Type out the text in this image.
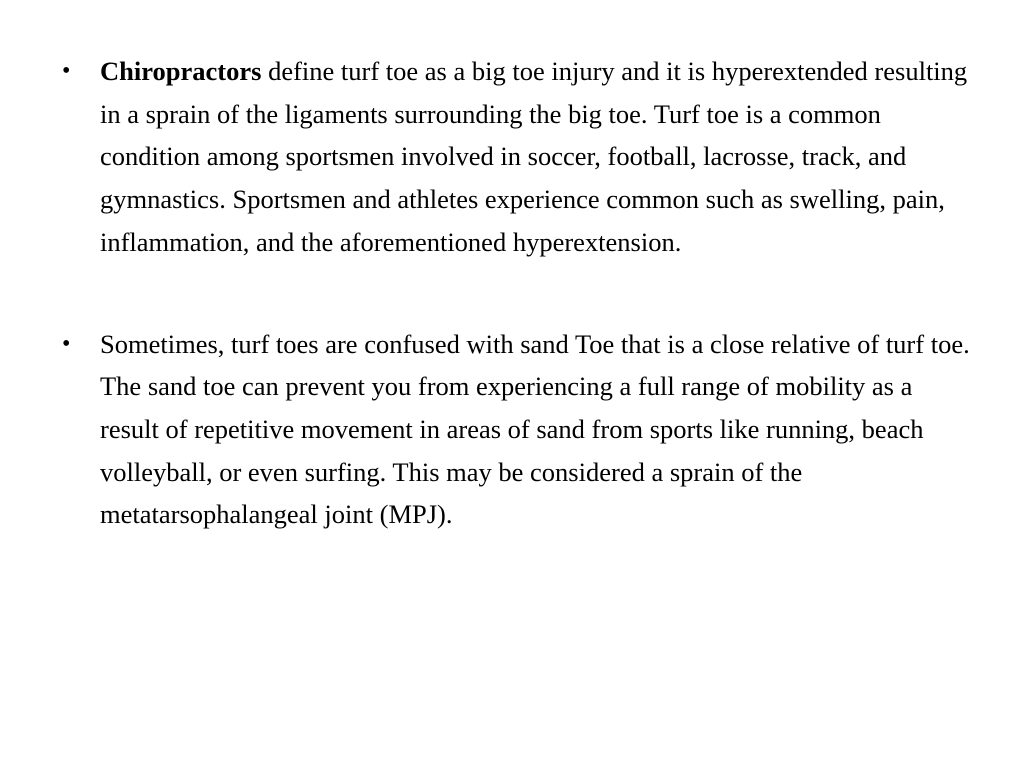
• Chiropractors define turf toe as a big toe injury and it is hyperextended resulting in a sprain of the ligaments surrounding the big toe. Turf toe is a common condition among sportsmen involved in soccer, football, lacrosse, track, and gymnastics. Sportsmen and athletes experience common such as swelling, pain, inflammation, and the aforementioned hyperextension.
• Sometimes, turf toes are confused with sand Toe that is a close relative of turf toe. The sand toe can prevent you from experiencing a full range of mobility as a result of repetitive movement in areas of sand from sports like running, beach volleyball, or even surfing. This may be considered a sprain of the metatarsophalangeal joint (MPJ).
